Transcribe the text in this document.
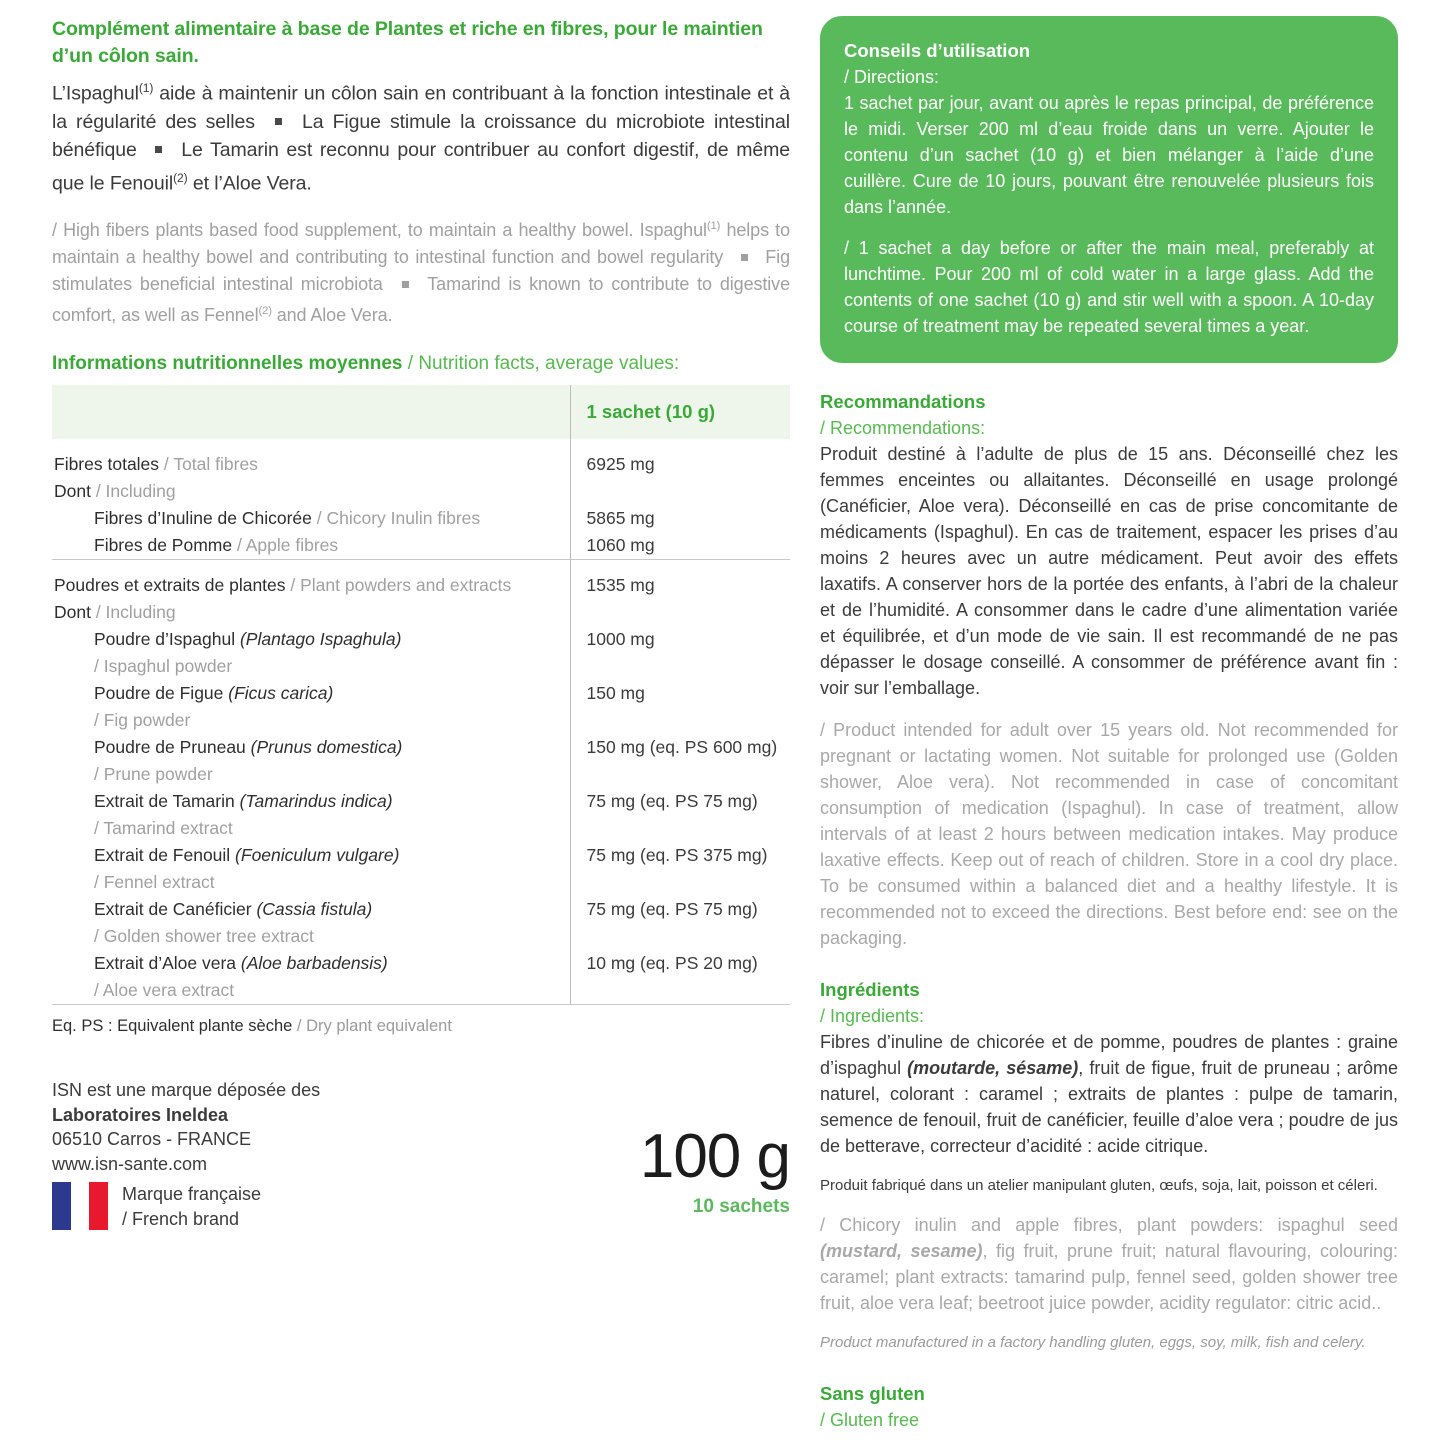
Complément alimentaire à base de Plantes et riche en fibres, pour le maintien d’un côlon sain.

L’Ispaghul$^{(1)}$ aide à maintenir un côlon sain en contribuant à la fonction intestinale et à la régularité des selles  La Figue stimule la croissance du microbiote intestinal bénéfique  Le Tamarin est reconnu pour contribuer au confort digestif, de même que le Fenouil$^{(2)}$ et l’Aloe Vera.

/ High fibers plants based food supplement, to maintain a healthy bowel. Ispaghul$^{(1)}$ helps to maintain a healthy bowel and contributing to intestinal function and bowel regularity  Fig stimulates beneficial intestinal microbiota  Tamarind is known to contribute to digestive comfort, as well as Fennel$^{(2)}$ and Aloe Vera.

Informations nutritionnelles moyennes / Nutrition facts, average values:
	1 sachet (10 g)
Fibres totales / Total fibres	6925 mg
Dont / Including	
Fibres d’Inuline de Chicorée / Chicory Inulin fibres	5865 mg
Fibres de Pomme / Apple fibres	1060 mg

Poudres et extraits de plantes / Plant powders and extracts	1535 mg
Dont / Including	
Poudre d’Ispaghul (Plantago Ispaghula)
/ Ispaghul powder	1000 mg
Poudre de Figue (Ficus carica)
/ Fig powder	150 mg
Poudre de Pruneau (Prunus domestica)
/ Prune powder	150 mg (eq. PS 600 mg)
Extrait de Tamarin (Tamarindus indica)
/ Tamarind extract	75 mg (eq. PS 75 mg)
Extrait de Fenouil (Foeniculum vulgare)
/ Fennel extract	75 mg (eq. PS 375 mg)
Extrait de Canéficier (Cassia fistula)
/ Golden shower tree extract	75 mg (eq. PS 75 mg)
Extrait d’Aloe vera (Aloe barbadensis)
/ Aloe vera extract	10 mg (eq. PS 20 mg)

Eq. PS : Equivalent plante sèche / Dry plant equivalent
ISN est une marque déposée des
Laboratoires Ineldea
06510 Carros - FRANCE
www.isn-sante.com
Marque française
/ French brand
100 g
10 sachets
Conseils d’utilisation
/ Directions:

1 sachet par jour, avant ou après le repas principal, de préférence le midi. Verser 200 ml d’eau froide dans un verre. Ajouter le contenu d’un sachet (10 g) et bien mélanger à l’aide d’une cuillère. Cure de 10 jours, pouvant être renouvelée plusieurs fois dans l’année.

/ 1 sachet a day before or after the main meal, preferably at lunchtime. Pour 200 ml of cold water in a large glass. Add the contents of one sachet (10 g) and stir well with a spoon. A 10-day course of treatment may be repeated several times a year.

Recommandations
/ Recommendations:

Produit destiné à l’adulte de plus de 15 ans. Déconseillé chez les femmes enceintes ou allaitantes. Déconseillé en usage prolongé (Canéficier, Aloe vera). Déconseillé en cas de prise concomitante de médicaments (Ispaghul). En cas de traitement, espacer les prises d’au moins 2 heures avec un autre médicament. Peut avoir des effets laxatifs. A conserver hors de la portée des enfants, à l’abri de la chaleur et de l’humidité. A consommer dans le cadre d’une alimentation variée et équilibrée, et d’un mode de vie sain. Il est recommandé de ne pas dépasser le dosage conseillé. A consommer de préférence avant fin : voir sur l’emballage.

/ Product intended for adult over 15 years old. Not recommended for pregnant or lactating women. Not suitable for prolonged use (Golden shower, Aloe vera). Not recommended in case of concomitant consumption of medication (Ispaghul). In case of treatment, allow intervals of at least 2 hours between medication intakes. May produce laxative effects. Keep out of reach of children. Store in a cool dry place. To be consumed within a balanced diet and a healthy lifestyle. It is recommended not to exceed the directions. Best before end: see on the packaging.

Ingrédients
/ Ingredients:

Fibres d’inuline de chicorée et de pomme, poudres de plantes : graine d’ispaghul (moutarde, sésame), fruit de figue, fruit de pruneau ; arôme naturel, colorant : caramel ; extraits de plantes : pulpe de tamarin, semence de fenouil, fruit de canéficier, feuille d’aloe vera ; poudre de jus de betterave, correcteur d’acidité : acide citrique.

Produit fabriqué dans un atelier manipulant gluten, œufs, soja, lait, poisson et céleri.

/ Chicory inulin and apple fibres, plant powders: ispaghul seed (mustard, sesame), fig fruit, prune fruit; natural flavouring, colouring: caramel; plant extracts: tamarind pulp, fennel seed, golden shower tree fruit, aloe vera leaf; beetroot juice powder, acidity regulator: citric acid..

Product manufactured in a factory handling gluten, eggs, soy, milk, fish and celery.

Sans gluten
/ Gluten free
